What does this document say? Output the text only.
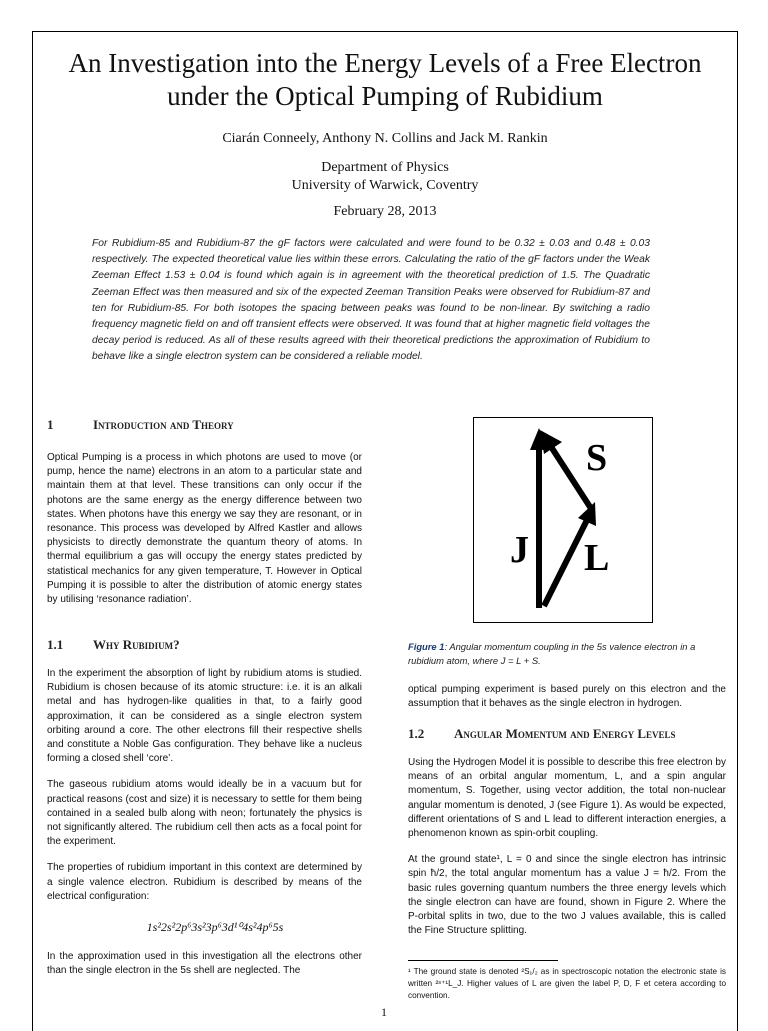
An Investigation into the Energy Levels of a Free Electron under the Optical Pumping of Rubidium
Ciarán Conneely, Anthony N. Collins and Jack M. Rankin
Department of Physics
University of Warwick, Coventry
February 28, 2013
For Rubidium-85 and Rubidium-87 the gF factors were calculated and were found to be 0.32 ± 0.03 and 0.48 ± 0.03 respectively. The expected theoretical value lies within these errors. Calculating the ratio of the gF factors under the Weak Zeeman Effect 1.53 ± 0.04 is found which again is in agreement with the theoretical prediction of 1.5. The Quadratic Zeeman Effect was then measured and six of the expected Zeeman Transition Peaks were observed for Rubidium-87 and ten for Rubidium-85. For both isotopes the spacing between peaks was found to be non-linear. By switching a radio frequency magnetic field on and off transient effects were observed. It was found that at higher magnetic field voltages the decay period is reduced. As all of these results agreed with their theoretical predictions the approximation of Rubidium to behave like a single electron system can be considered a reliable model.
1	Introduction and Theory

Optical Pumping is a process in which photons are used to move (or pump, hence the name) electrons in an atom to a particular state and maintain them at that level. These transitions can only occur if the photons are the same energy as the energy difference between two states. When photons have this energy we say they are resonant, or in resonance. This process was developed by Alfred Kastler and allows physicists to directly demonstrate the quantum theory of atoms. In thermal equilibrium a gas will occupy the energy states predicted by statistical mechanics for any given temperature, T. However in Optical Pumping it is possible to alter the distribution of atomic energy states by utilising ‘resonance radiation’.

1.1 Why Rubidium?

In the experiment the absorption of light by rubidium atoms is studied. Rubidium is chosen because of its atomic structure: i.e. it is an alkali metal and has hydrogen-like qualities in that, to a fairly good approximation, it can be considered as a single electron system orbiting around a core. The other electrons fill their respective shells and constitute a Noble Gas configuration. They behave like a nucleus forming a closed shell ‘core’.

The gaseous rubidium atoms would ideally be in a vacuum but for practical reasons (cost and size) it is necessary to settle for them being contained in a sealed bulb along with neon; fortunately the physics is not significantly altered. The rubidium cell then acts as a focal point for the experiment.

The properties of rubidium important in this context are determined by a single valence electron. Rubidium is described by means of the electrical configuration:

1s²2s²2p⁶3s²3p⁶3d¹⁰4s²4p⁶5s

In the approximation used in this investigation all the electrons other than the single electron in the 5s shell are neglected. The

S
J L
Figure 1: Angular momentum coupling in the 5s valence electron in a rubidium atom, where J = L + S.

optical pumping experiment is based purely on this electron and the assumption that it behaves as the single electron in hydrogen.

1.2 Angular Momentum and Energy Levels

Using the Hydrogen Model it is possible to describe this free electron by means of an orbital angular momentum, L, and a spin angular momentum, S. Together, using vector addition, the total non-nuclear angular momentum is denoted, J (see Figure 1). As would be expected, different orientations of S and L lead to different interaction energies, a phenomenon known as spin-orbit coupling.

At the ground state¹, L = 0 and since the single electron has intrinsic spin ħ/2, the total angular momentum has a value J = ħ/2. From the basic rules governing quantum numbers the three energy levels which the single electron can have are found, shown in Figure 2. Where the P-orbital splits in two, due to the two J values available, this is called the Fine Structure splitting.

¹ The ground state is denoted ²S₁/₂ as in spectroscopic notation the electronic state is written ²ˢ⁺¹L_J. Higher values of L are given the label P, D, F et cetera according to convention.
1
